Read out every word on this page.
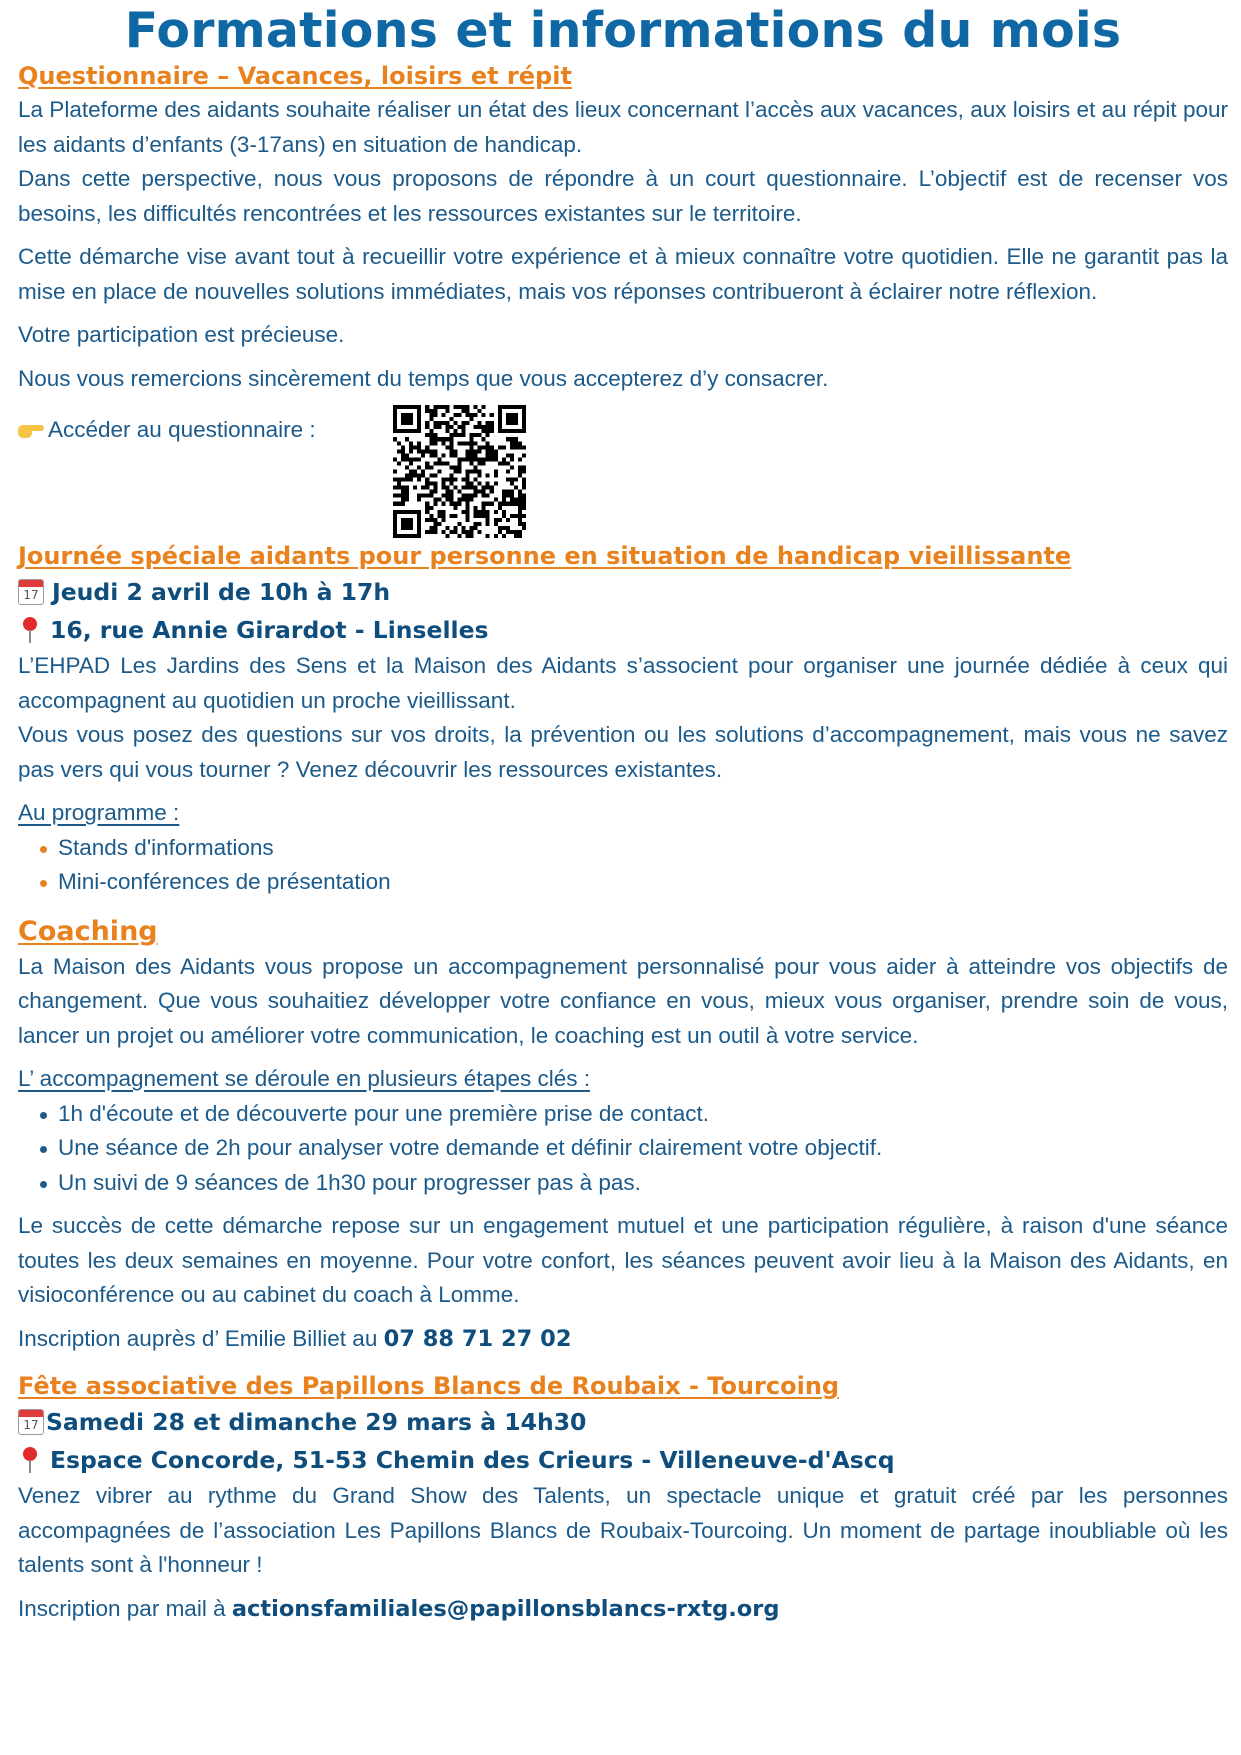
Formations et informations du mois
Questionnaire – Vacances, loisirs et répit

La Plateforme des aidants souhaite réaliser un état des lieux concernant l’accès aux vacances, aux loisirs et au répit pour les aidants d’enfants (3-17ans) en situation de handicap.

Dans cette perspective, nous vous proposons de répondre à un court questionnaire. L’objectif est de recenser vos besoins, les difficultés rencontrées et les ressources existantes sur le territoire.

Cette démarche vise avant tout à recueillir votre expérience et à mieux connaître votre quotidien. Elle ne garantit pas la mise en place de nouvelles solutions immédiates, mais vos réponses contribueront à éclairer notre réflexion.

Votre participation est précieuse.

Nous vous remercions sincèrement du temps que vous accepterez d’y consacrer.

Accéder au questionnaire :
Journée spéciale aidants pour personne en situation de handicap vieillissante
17 Jeudi 2 avril de 10h à 17h
16, rue Annie Girardot - Linselles

L’EHPAD Les Jardins des Sens et la Maison des Aidants s’associent pour organiser une journée dédiée à ceux qui accompagnent au quotidien un proche vieillissant.

Vous vous posez des questions sur vos droits, la prévention ou les solutions d’accompagnement, mais vous ne savez pas vers qui vous tourner ? Venez découvrir les ressources existantes.

Au programme :

Stands d'informations
Mini-conférences de présentation
Coaching

La Maison des Aidants vous propose un accompagnement personnalisé pour vous aider à atteindre vos objectifs de changement. Que vous souhaitiez développer votre confiance en vous, mieux vous organiser, prendre soin de vous, lancer un projet ou améliorer votre communication, le coaching est un outil à votre service.

L’ accompagnement se déroule en plusieurs étapes clés :

1h d'écoute et de découverte pour une première prise de contact.
Une séance de 2h pour analyser votre demande et définir clairement votre objectif.
Un suivi de 9 séances de 1h30 pour progresser pas à pas.

Le succès de cette démarche repose sur un engagement mutuel et une participation régulière, à raison d'une séance toutes les deux semaines en moyenne. Pour votre confort, les séances peuvent avoir lieu à la Maison des Aidants, en visioconférence ou au cabinet du coach à Lomme.

Inscription auprès d’ Emilie Billiet au 07 88 71 27 02

Fête associative des Papillons Blancs de Roubaix - Tourcoing
17 Samedi 28 et dimanche 29 mars à 14h30
Espace Concorde, 51-53 Chemin des Crieurs - Villeneuve-d'Ascq

Venez vibrer au rythme du Grand Show des Talents, un spectacle unique et gratuit créé par les personnes accompagnées de l’association Les Papillons Blancs de Roubaix-Tourcoing. Un moment de partage inoubliable où les talents sont à l'honneur !

Inscription par mail à actionsfamiliales@papillonsblancs-rxtg.org
